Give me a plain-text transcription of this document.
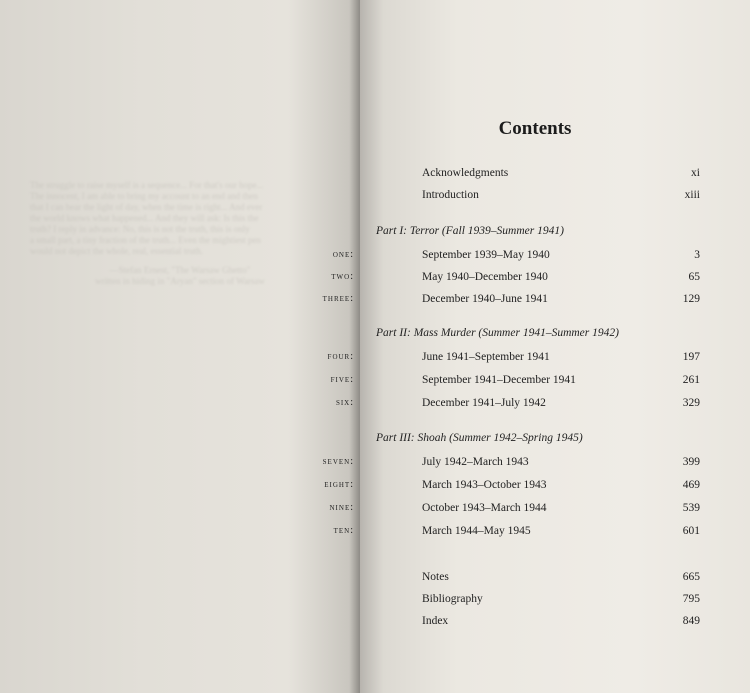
The struggle to raise myself is a sequence... For that's our hope...
The innocent, I am able to bring my account to an end and then
that I can bear the light of day, when the time is right... And ever
the world knows what happened... And they will ask: Is this the
truth? I reply in advance: No, this is not the truth, this is only
a small part, a tiny fraction of the truth... Even the mightiest pen
would not depict the whole, real, essential truth.
—Stefan Ernest, "The Warsaw Ghetto"
written in hiding in "Aryan" section of Warsaw
Contents
Acknowledgments	xi
Introduction	xiii
Part I: Terror (Fall 1939–Summer 1941)
one:	September 1939–May 1940	3
two:	May 1940–December 1940	65
three:	December 1940–June 1941	129
Part II: Mass Murder (Summer 1941–Summer 1942)
four:	June 1941–September 1941	197
five:	September 1941–December 1941	261
six:	December 1941–July 1942	329
Part III: Shoah (Summer 1942–Spring 1945)
seven:	July 1942–March 1943	399
eight:	March 1943–October 1943	469
nine:	October 1943–March 1944	539
ten:	March 1944–May 1945	601
Notes	665
Bibliography	795
Index	849
